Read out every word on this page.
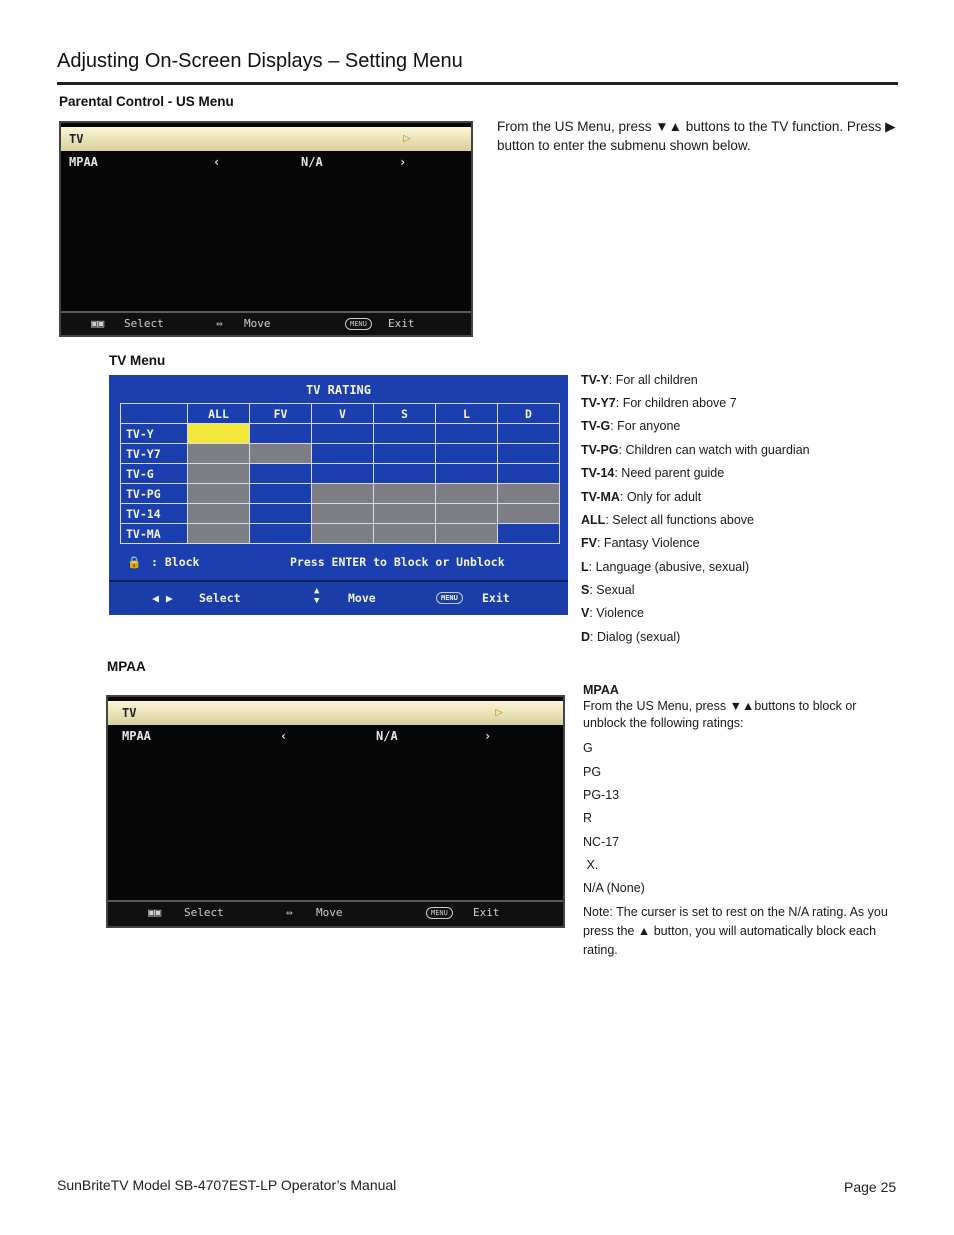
Adjusting On-Screen Displays – Setting Menu
Parental Control - US Menu
TV	▷
MPAA	‹	N/A	›
▣▣ Select	⇔ Move	MENU	Exit
From the US Menu, press ▼▲ buttons to the TV function. Press ▶ button to enter the submenu shown below.
TV Menu
TV RATING
	ALL	FV	V	S	L	D
TV-Y						
TV-Y7						
TV-G						
TV-PG						
TV-14						
TV-MA						
🔒 : Block	Press ENTER to Block or Unblock
◀ ▶ Select	▲
▼ Move	MENU	Exit
TV-Y: For all children
TV-Y7: For children above 7
TV-G: For anyone
TV-PG: Children can watch with guardian
TV-14: Need parent guide
TV-MA: Only for adult
ALL: Select all functions above
FV: Fantasy Violence
L: Language (abusive, sexual)
S: Sexual
V: Violence
D: Dialog (sexual)
MPAA
TV	▷
MPAA	‹	N/A	›
▣▣ Select	⇔ Move	MENU	Exit
MPAA
From the US Menu, press ▼▲buttons to block or unblock the following ratings:
G
PG
PG-13
R
NC-17
X.
N/A (None)
Note: The curser is set to rest on the N/A rating. As you press the ▲ button, you will automatically block each rating.
SunBriteTV Model SB-4707EST-LP Operator’s Manual	Page 25
